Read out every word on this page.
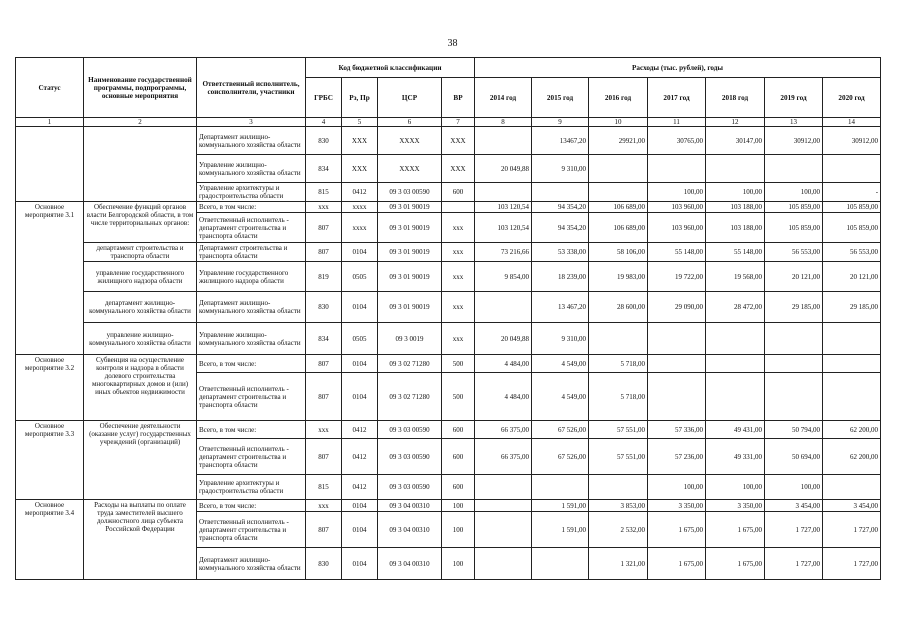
38
Статус	Наименование государственной программы, подпрограммы, основные мероприятия	Ответственный исполнитель, соисполнители, участники	Код бюджетной классификации				Расходы (тыс. рублей), годы						
			ГРБС	Рз, Пр	ЦСР	ВР	2014 год	2015 год	2016 год	2017 год	2018 год	2019 год	2020 год
1	2	3	4	5	6	7	8	9	10	11	12	13	14
		Департамент жилищно-коммунального хозяйства области	830	ХХХ	ХХХХ	ХХХ		13467,20	29921,00	30765,00	30147,00	30912,00	30912,00
		Управление жилищно-коммунального хозяйства области	834	ХХХ	ХХХХ	ХХХ	20 049,88	9 310,00					
		Управление архитектуры и градостроительства области	815	0412	09 3 03 00590	600				100,00	100,00	100,00	-
Основное мероприятие 3.1	Обеспечение функций органов власти Белгородской области, в том числе территориальных органов:	Всего, в том числе:	ххх	хххх	09 3 01 90019		103 120,54	94 354,20	106 689,00	103 960,00	103 188,00	105 859,00	105 859,00
		Ответственный исполнитель - департамент строительства и транспорта области	807	хххх	09 3 01 90019	ххх	103 120,54	94 354,20	106 689,00	103 960,00	103 188,00	105 859,00	105 859,00
	департамент строительства и транспорта области	Департамент строительства и транспорта области	807	0104	09 3 01 90019	ххх	73 216,66	53 338,00	58 106,00	55 148,00	55 148,00	56 553,00	56 553,00
	управление государственного жилищного надзора области	Управление государственного жилищного надзора области	819	0505	09 3 01 90019	ххх	9 854,00	18 239,00	19 983,00	19 722,00	19 568,00	20 121,00	20 121,00
	департамент жилищно-коммунального хозяйства области	Департамент жилищно-коммунального хозяйства области	830	0104	09 3 01 90019	ххх		13 467,20	28 600,00	29 090,00	28 472,00	29 185,00	29 185,00
	управление жилищно-коммунального хозяйства области	Управление жилищно-коммунального хозяйства области	834	0505	09 3 0019	ххх	20 049,88	9 310,00					
Основное мероприятие 3.2	Субвенция на осуществление контроля и надзора в области долевого строительства многоквартирных домов и (или) иных объектов недвижимости	Всего, в том числе:	807	0104	09 3 02 71280	500	4 484,00	4 549,00	5 718,00				
		Ответственный исполнитель - департамент строительства и транспорта области	807	0104	09 3 02 71280	500	4 484,00	4 549,00	5 718,00				
Основное мероприятие 3.3	Обеспечение деятельности (оказание услуг) государственных учреждений (организаций)	Всего, в том числе:	ххх	0412	09 3 03 00590	600	66 375,00	67 526,00	57 551,00	57 336,00	49 431,00	50 794,00	62 200,00
		Ответственный исполнитель - департамент строительства и транспорта области	807	0412	09 3 03 00590	600	66 375,00	67 526,00	57 551,00	57 236,00	49 331,00	50 694,00	62 200,00
		Управление архитектуры и градостроительства области	815	0412	09 3 03 00590	600				100,00	100,00	100,00	
Основное мероприятие 3.4	Расходы на выплаты по оплате труда заместителей высшего должностного лица субъекта Российской Федерации	Всего, в том числе:	ххх	0104	09 3 04 00310	100		1 591,00	3 853,00	3 350,00	3 350,00	3 454,00	3 454,00
		Ответственный исполнитель - департамент строительства и транспорта области	807	0104	09 3 04 00310	100		1 591,00	2 532,00	1 675,00	1 675,00	1 727,00	1 727,00
		Департамент жилищно-коммунального хозяйства области	830	0104	09 3 04 00310	100			1 321,00	1 675,00	1 675,00	1 727,00	1 727,00
